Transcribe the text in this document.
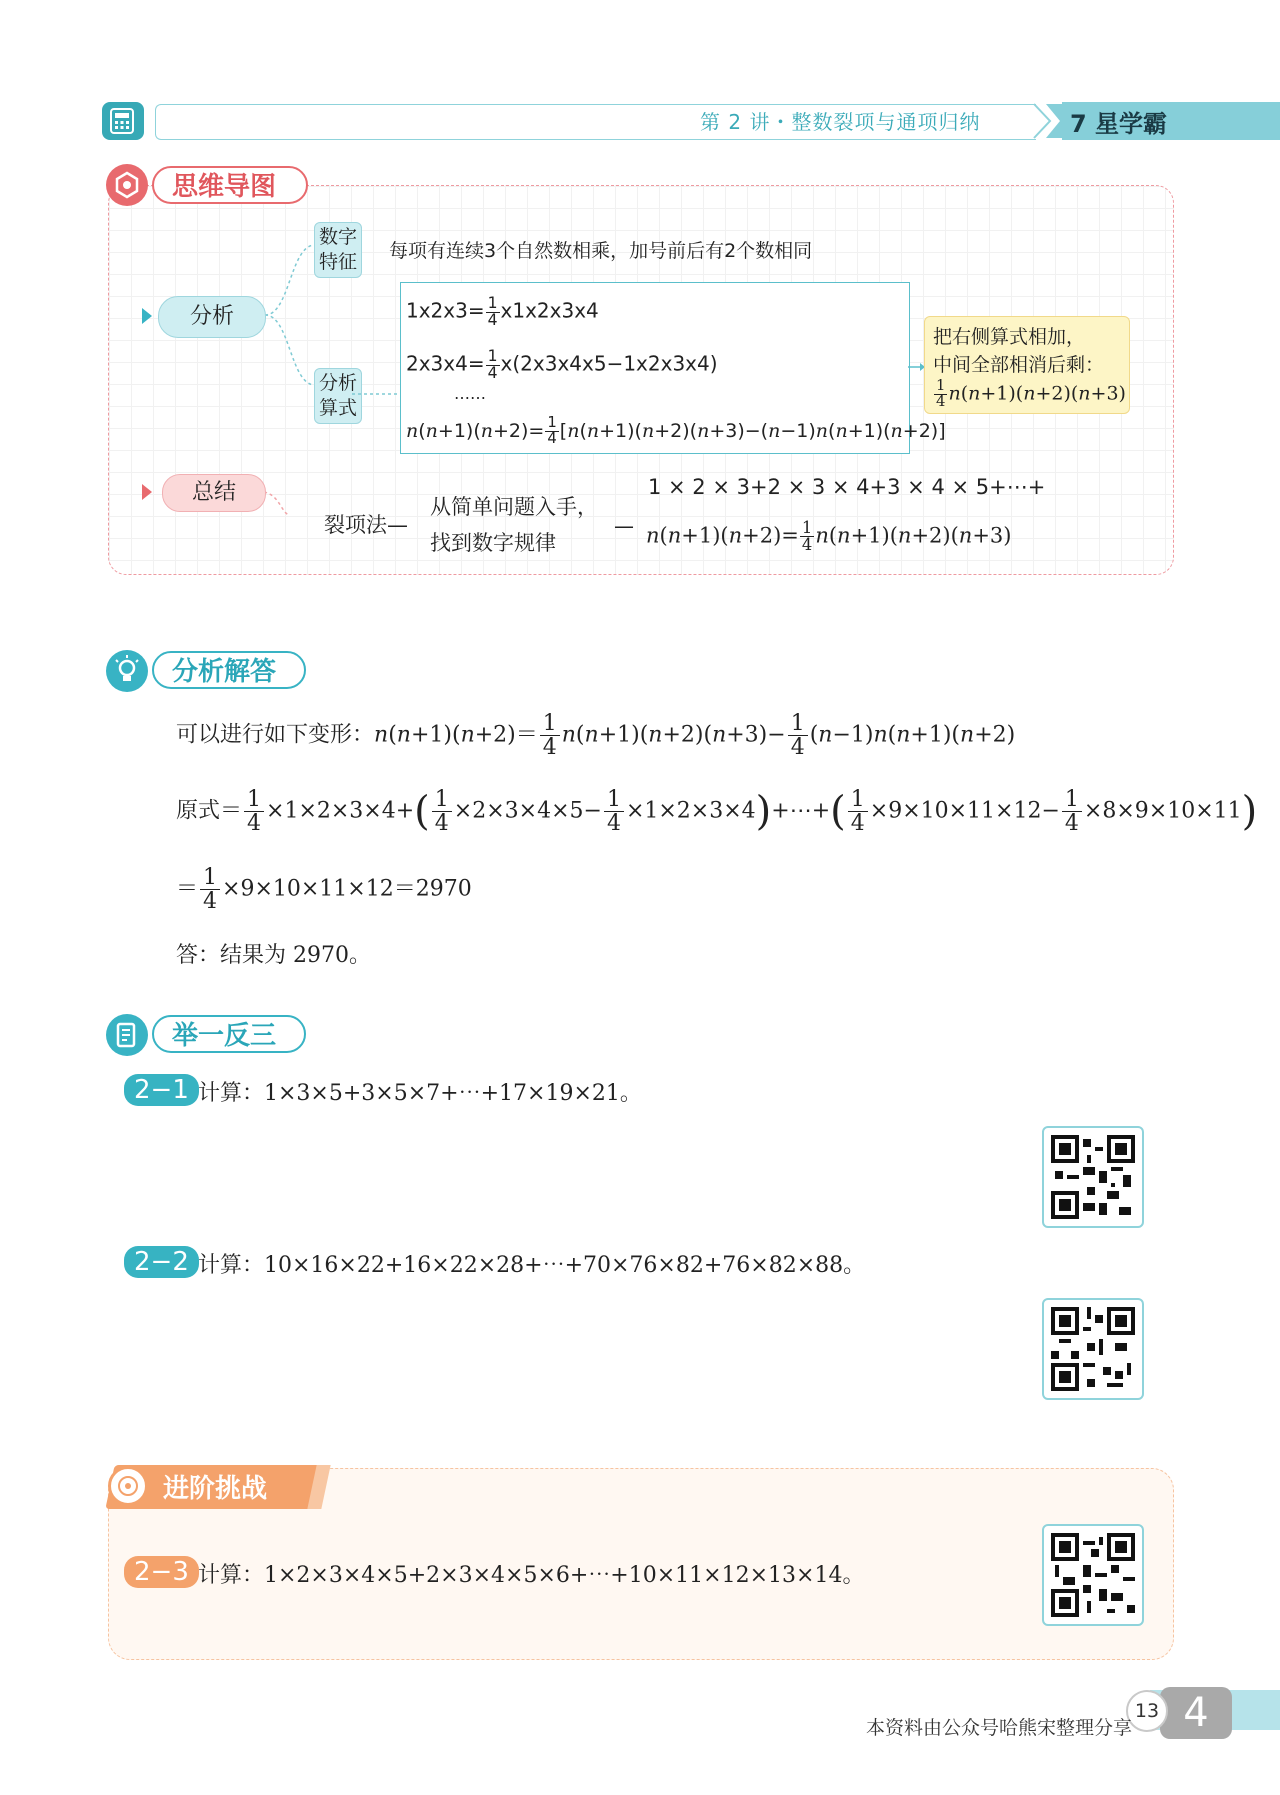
第 2 讲・整数裂项与通项归纳	7 星学霸
思维导图
分析
数字特征 每项有连续3个自然数相乘，加号前后有2个数相同
分析算式
$1x2x3= \frac{1}{4} x1x2x3x4$
$2x3x4= \frac{1}{4} x(2x3x4x5-1x2x3x4)$
……
$n(n+1)(n+2)= \frac{1}{4} [n(n+1)(n+2)(n+3)-(n-1)n(n+1)(n+2)]$
把右侧算式相加，
中间全部相消后剩：
$\frac{1}{4} n(n+1)(n+2)(n+3)$
总结
裂项法—
从简单问题入手，
找到数字规律
—
1 × 2 × 3+2 × 3 × 4+3 × 4 × 5+⋯+
$n(n+1)(n+2)= \frac{1}{4} n(n+1)(n+2)(n+3)$
分析解答
可以进行如下变形：$n(n+1)(n+2)= \frac{1}{4} n(n+1)(n+2)(n+3)- \frac{1}{4} (n-1)n(n+1)(n+2)$
原式＝ $\frac{1}{4} \times 1\times 2\times 3\times 4+( \frac{1}{4} \times 2\times 3\times 4\times 5- \frac{1}{4}$ ×1×2×3×4)+⋯+( $\frac{1}{4} \times 9\times 10\times 11\times 12- \frac{1}{4} \times 8\times 9\times 10\times 11$)
＝ $\frac{1}{4} \times 9\times 10\times 11\times 12=2970$
答：结果为 2970。
举一反三
2−1 计算：1×3×5+3×5×7+⋯+17×19×21。
2−2 计算：10×16×22+16×22×28+⋯+70×76×82+76×82×88。
进阶挑战
2−3 计算：1×2×3×4×5+2×3×4×5×6+⋯+10×11×12×13×14。
4
13
本资料由公众号哈熊宋整理分享
